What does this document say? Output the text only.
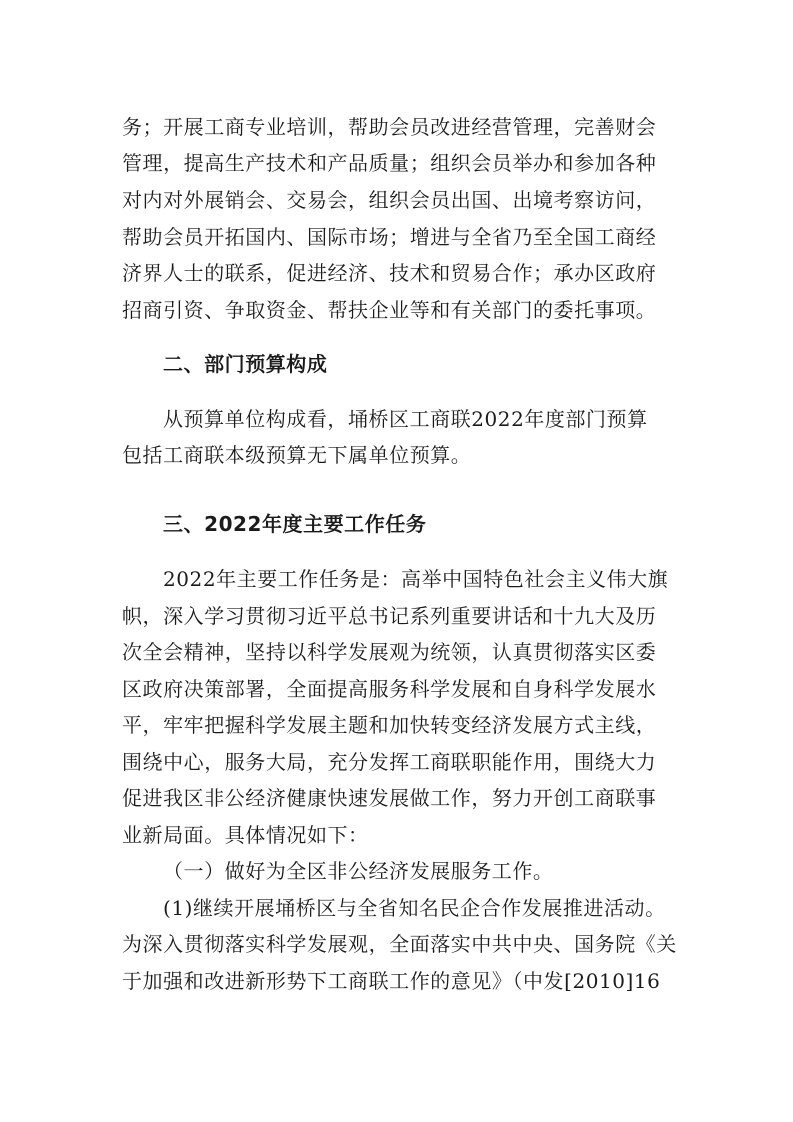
务；开展工商专业培训，帮助会员改进经营管理，完善财会
管理，提高生产技术和产品质量；组织会员举办和参加各种
对内对外展销会、交易会，组织会员出国、出境考察访问，
帮助会员开拓国内、国际市场；增进与全省乃至全国工商经
济界人士的联系，促进经济、技术和贸易合作；承办区政府
招商引资、争取资金、帮扶企业等和有关部门的委托事项。
二、部门预算构成
从预算单位构成看，埇桥区工商联2022年度部门预算
包括工商联本级预算无下属单位预算。
三、2022年度主要工作任务
2022年主要工作任务是：高举中国特色社会主义伟大旗
帜，深入学习贯彻习近平总书记系列重要讲话和十九大及历
次全会精神，坚持以科学发展观为统领，认真贯彻落实区委
区政府决策部署，全面提高服务科学发展和自身科学发展水
平，牢牢把握科学发展主题和加快转变经济发展方式主线，
围绕中心，服务大局，充分发挥工商联职能作用，围绕大力
促进我区非公经济健康快速发展做工作，努力开创工商联事
业新局面。具体情况如下：
（一）做好为全区非公经济发展服务工作。
(1)继续开展埇桥区与全省知名民企合作发展推进活动。
为深入贯彻落实科学发展观，全面落实中共中央、国务院《关
于加强和改进新形势下工商联工作的意见》（中发[2010]16
